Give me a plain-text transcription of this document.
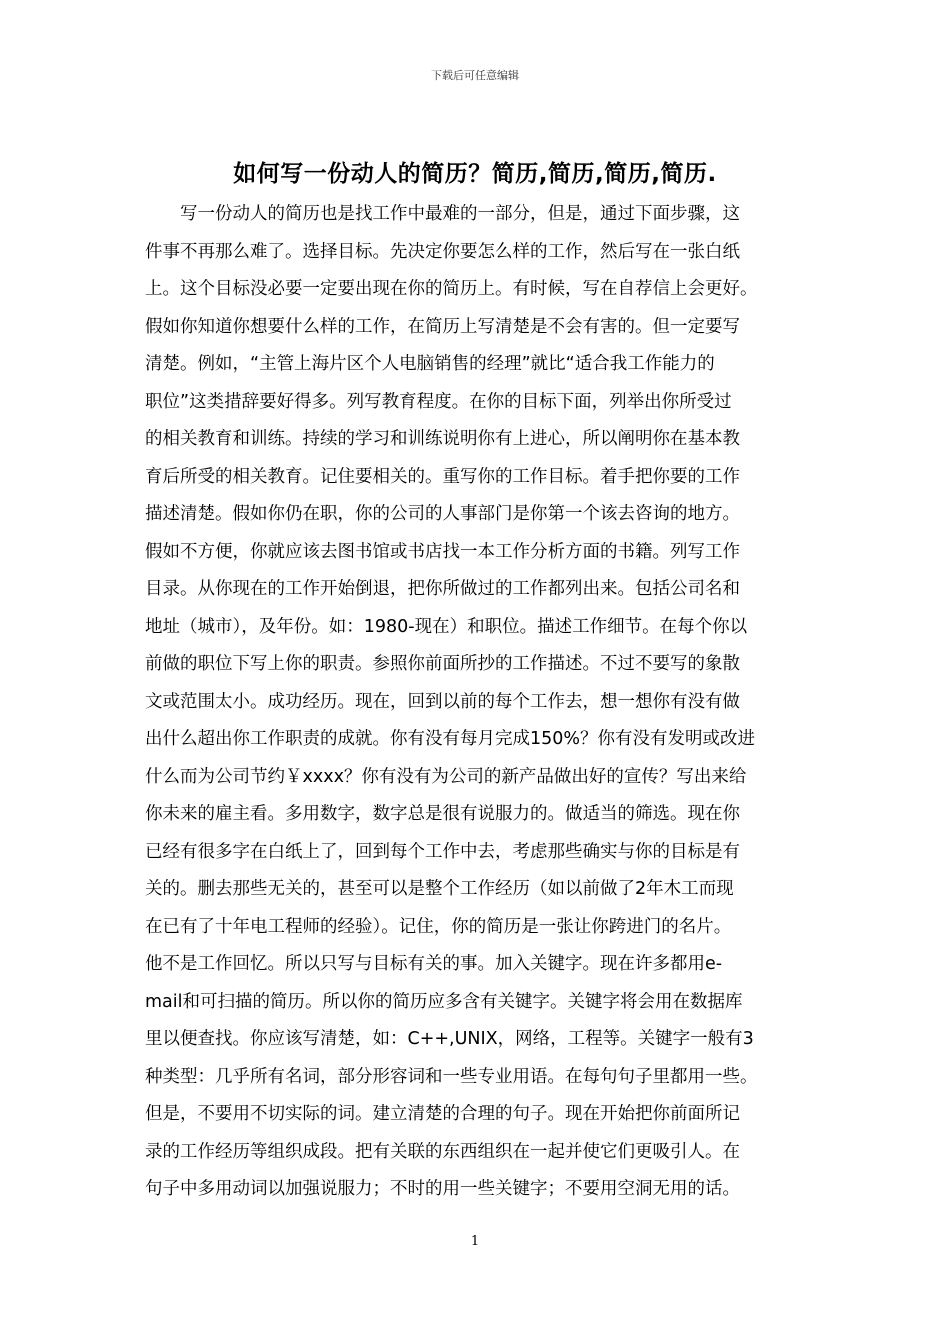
下载后可任意编辑
如何写一份动人的简历？简历,简历,简历,简历.
写一份动人的简历也是找工作中最难的一部分，但是，通过下面步骤，这
件事不再那么难了。选择目标。先决定你要怎么样的工作，然后写在一张白纸
上。这个目标没必要一定要出现在你的简历上。有时候，写在自荐信上会更好。
假如你知道你想要什么样的工作，在简历上写清楚是不会有害的。但一定要写
清楚。例如，“主管上海片区个人电脑销售的经理”就比“适合我工作能力的
职位”这类措辞要好得多。列写教育程度。在你的目标下面，列举出你所受过
的相关教育和训练。持续的学习和训练说明你有上进心，所以阐明你在基本教
育后所受的相关教育。记住要相关的。重写你的工作目标。着手把你要的工作
描述清楚。假如你仍在职，你的公司的人事部门是你第一个该去咨询的地方。
假如不方便，你就应该去图书馆或书店找一本工作分析方面的书籍。列写工作
目录。从你现在的工作开始倒退，把你所做过的工作都列出来。包括公司名和
地址（城市），及年份。如：1980-现在）和职位。描述工作细节。在每个你以
前做的职位下写上你的职责。参照你前面所抄的工作描述。不过不要写的象散
文或范围太小。成功经历。现在，回到以前的每个工作去，想一想你有没有做
出什么超出你工作职责的成就。你有没有每月完成150%？你有没有发明或改进
什么而为公司节约￥xxxx？你有没有为公司的新产品做出好的宣传？写出来给
你未来的雇主看。多用数字，数字总是很有说服力的。做适当的筛选。现在你
已经有很多字在白纸上了，回到每个工作中去，考虑那些确实与你的目标是有
关的。删去那些无关的，甚至可以是整个工作经历（如以前做了2年木工而现
在已有了十年电工程师的经验）。记住，你的简历是一张让你跨进门的名片。
他不是工作回忆。所以只写与目标有关的事。加入关键字。现在许多都用e-
mail和可扫描的简历。所以你的简历应多含有关键字。关键字将会用在数据库
里以便查找。你应该写清楚，如：C++,UNIX，网络，工程等。关键字一般有3
种类型：几乎所有名词，部分形容词和一些专业用语。在每句句子里都用一些。
但是，不要用不切实际的词。建立清楚的合理的句子。现在开始把你前面所记
录的工作经历等组织成段。把有关联的东西组织在一起并使它们更吸引人。在
句子中多用动词以加强说服力；不时的用一些关键字；不要用空洞无用的话。
1
